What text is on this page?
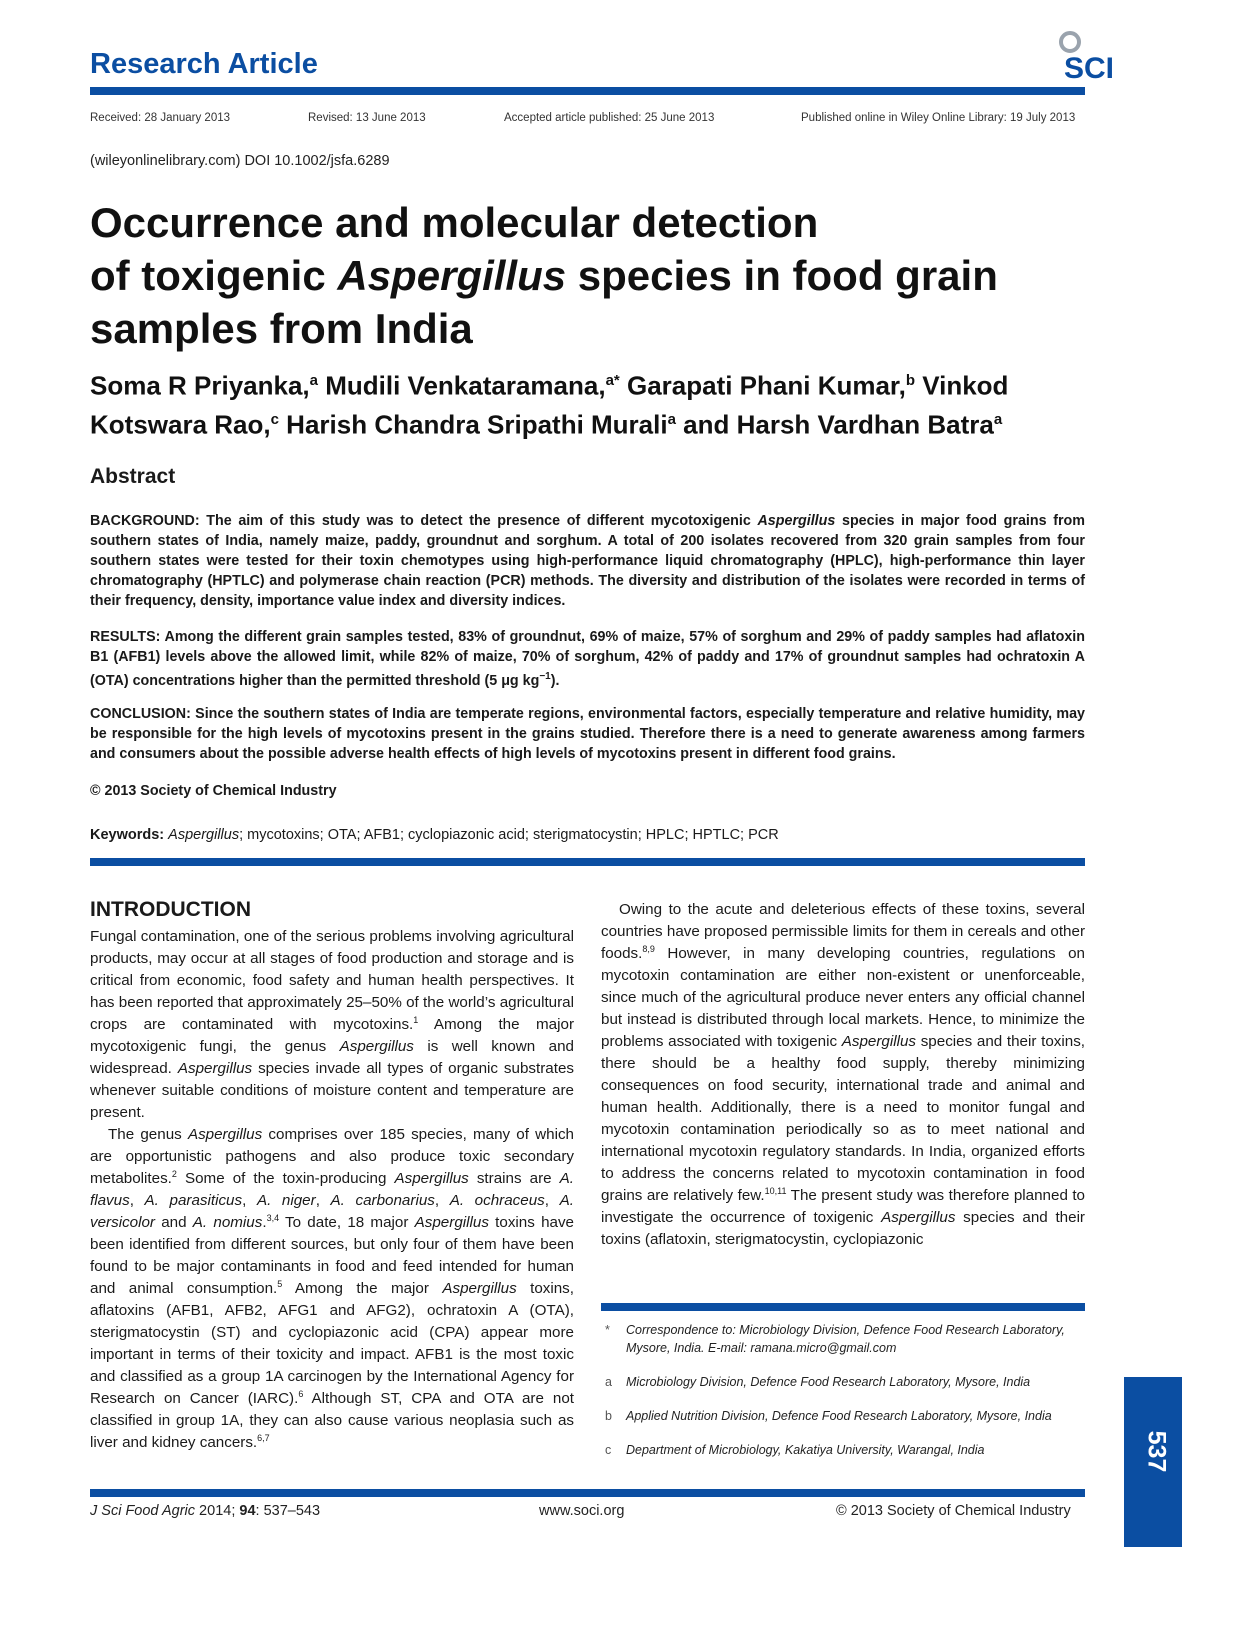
Research Article	SCI
Received: 28 January 2013	Revised: 13 June 2013	Accepted article published: 25 June 2013	Published online in Wiley Online Library: 19 July 2013
(wileyonlinelibrary.com) DOI 10.1002/jsfa.6289
Occurrence and molecular detection
of toxigenic Aspergillus species in food grain
samples from India

Soma R Priyanka,$^a$ Mudili Venkataramana,$^{a*}$ Garapati Phani Kumar,$^b$ Vinkod Kotswara Rao,$^c$ Harish Chandra Sripathi Murali$^a$ and Harsh Vardhan Batra$^a$

Abstract

BACKGROUND: The aim of this study was to detect the presence of different mycotoxigenic Aspergillus species in major food grains from southern states of India, namely maize, paddy, groundnut and sorghum. A total of 200 isolates recovered from 320 grain samples from four southern states were tested for their toxin chemotypes using high-performance liquid chromatography (HPLC), high-performance thin layer chromatography (HPTLC) and polymerase chain reaction (PCR) methods. The diversity and distribution of the isolates were recorded in terms of their frequency, density, importance value index and diversity indices.

RESULTS: Among the different grain samples tested, 83% of groundnut, 69% of maize, 57% of sorghum and 29% of paddy samples had aflatoxin B1 (AFB1) levels above the allowed limit, while 82% of maize, 70% of sorghum, 42% of paddy and 17% of groundnut samples had ochratoxin A (OTA) concentrations higher than the permitted threshold (5 μg $kg^{-1}$).

CONCLUSION: Since the southern states of India are temperate regions, environmental factors, especially temperature and relative humidity, may be responsible for the high levels of mycotoxins present in the grains studied. Therefore there is a need to generate awareness among farmers and consumers about the possible adverse health effects of high levels of mycotoxins present in different food grains.

© 2013 Society of Chemical Industry
Keywords: Aspergillus; mycotoxins; OTA; AFB1; cyclopiazonic acid; sterigmatocystin; HPLC; HPTLC; PCR
INTRODUCTION

Fungal contamination, one of the serious problems involving agricultural products, may occur at all stages of food production and storage and is critical from economic, food safety and human health perspectives. It has been reported that approximately 25–50% of the world’s agricultural crops are contaminated with mycotoxins.$^1$ Among the major mycotoxigenic fungi, the genus Aspergillus is well known and widespread. Aspergillus species invade all types of organic substrates whenever suitable conditions of moisture content and temperature are present.

The genus Aspergillus comprises over 185 species, many of which are opportunistic pathogens and also produce toxic secondary metabolites.$^2$ Some of the toxin-producing Aspergillus strains are A. flavus, A. parasiticus, A. niger, A. carbonarius, A. ochraceus, A. versicolor and A. nomius.$^{3,4}$ To date, 18 major Aspergillus toxins have been identified from different sources, but only four of them have been found to be major contaminants in food and feed intended for human and animal consumption.$^5$ Among the major Aspergillus toxins, aflatoxins (AFB1, AFB2, AFG1 and AFG2), ochratoxin A (OTA), sterigmatocystin (ST) and cyclopiazonic acid (CPA) appear more important in terms of their toxicity and impact. AFB1 is the most toxic and classified as a group 1A carcinogen by the International Agency for Research on Cancer (IARC).$^6$ Although ST, CPA and OTA are not classified in group 1A, they can also cause various neoplasia such as liver and kidney cancers.$^{6,7}$

Owing to the acute and deleterious effects of these toxins, several countries have proposed permissible limits for them in cereals and other foods.$^{8,9}$ However, in many developing countries, regulations on mycotoxin contamination are either non-existent or unenforceable, since much of the agricultural produce never enters any official channel but instead is distributed through local markets. Hence, to minimize the problems associated with toxigenic Aspergillus species and their toxins, there should be a healthy food supply, thereby minimizing consequences on food security, international trade and animal and human health. Additionally, there is a need to monitor fungal and mycotoxin contamination periodically so as to meet national and international mycotoxin regulatory standards. In India, organized efforts to address the concerns related to mycotoxin contamination in food grains are relatively few.$^{10,11}$ The present study was therefore planned to investigate the occurrence of toxigenic Aspergillus species and their toxins (aflatoxin, sterigmatocystin, cyclopiazonic

* Correspondence to: Microbiology Division, Defence Food Research Laboratory, Mysore, India. E-mail: ramana.micro@gmail.com
a Microbiology Division, Defence Food Research Laboratory, Mysore, India
b Applied Nutrition Division, Defence Food Research Laboratory, Mysore, India
c Department of Microbiology, Kakatiya University, Warangal, India	537
J Sci Food Agric 2014; 94: 537–543	www.soci.org	© 2013 Society of Chemical Industry
